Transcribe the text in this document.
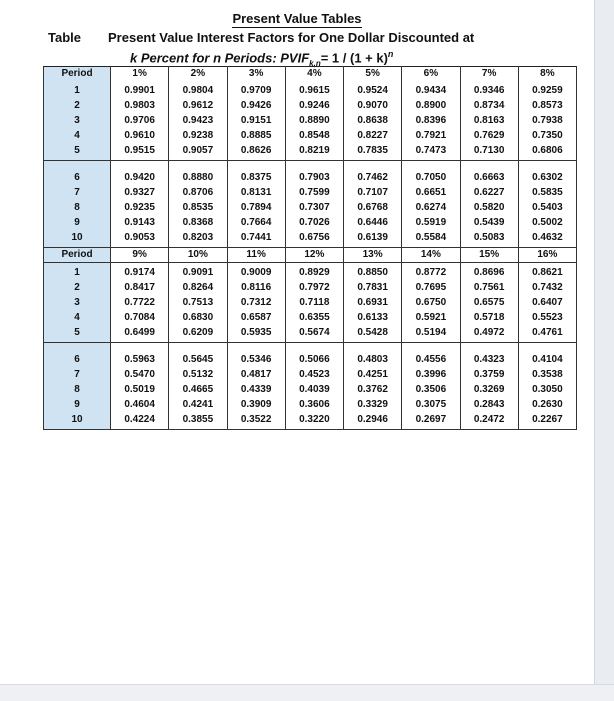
Present Value Tables
Table Present Value Interest Factors for One Dollar Discounted at
k Percent for n Periods: $PVIF_{k,n}= 1 / (1 + k)^n$
Period	1%	2%	3%	4%	5%	6%	7%	8%
1	0.9901	0.9804	0.9709	0.9615	0.9524	0.9434	0.9346	0.9259
2	0.9803	0.9612	0.9426	0.9246	0.9070	0.8900	0.8734	0.8573
3	0.9706	0.9423	0.9151	0.8890	0.8638	0.8396	0.8163	0.7938
4	0.9610	0.9238	0.8885	0.8548	0.8227	0.7921	0.7629	0.7350
5	0.9515	0.9057	0.8626	0.8219	0.7835	0.7473	0.7130	0.6806

6	0.9420	0.8880	0.8375	0.7903	0.7462	0.7050	0.6663	0.6302
7	0.9327	0.8706	0.8131	0.7599	0.7107	0.6651	0.6227	0.5835
8	0.9235	0.8535	0.7894	0.7307	0.6768	0.6274	0.5820	0.5403
9	0.9143	0.8368	0.7664	0.7026	0.6446	0.5919	0.5439	0.5002
10	0.9053	0.8203	0.7441	0.6756	0.6139	0.5584	0.5083	0.4632
Period	9%	10%	11%	12%	13%	14%	15%	16%
1	0.9174	0.9091	0.9009	0.8929	0.8850	0.8772	0.8696	0.8621
2	0.8417	0.8264	0.8116	0.7972	0.7831	0.7695	0.7561	0.7432
3	0.7722	0.7513	0.7312	0.7118	0.6931	0.6750	0.6575	0.6407
4	0.7084	0.6830	0.6587	0.6355	0.6133	0.5921	0.5718	0.5523
5	0.6499	0.6209	0.5935	0.5674	0.5428	0.5194	0.4972	0.4761

6	0.5963	0.5645	0.5346	0.5066	0.4803	0.4556	0.4323	0.4104
7	0.5470	0.5132	0.4817	0.4523	0.4251	0.3996	0.3759	0.3538
8	0.5019	0.4665	0.4339	0.4039	0.3762	0.3506	0.3269	0.3050
9	0.4604	0.4241	0.3909	0.3606	0.3329	0.3075	0.2843	0.2630
10	0.4224	0.3855	0.3522	0.3220	0.2946	0.2697	0.2472	0.2267
